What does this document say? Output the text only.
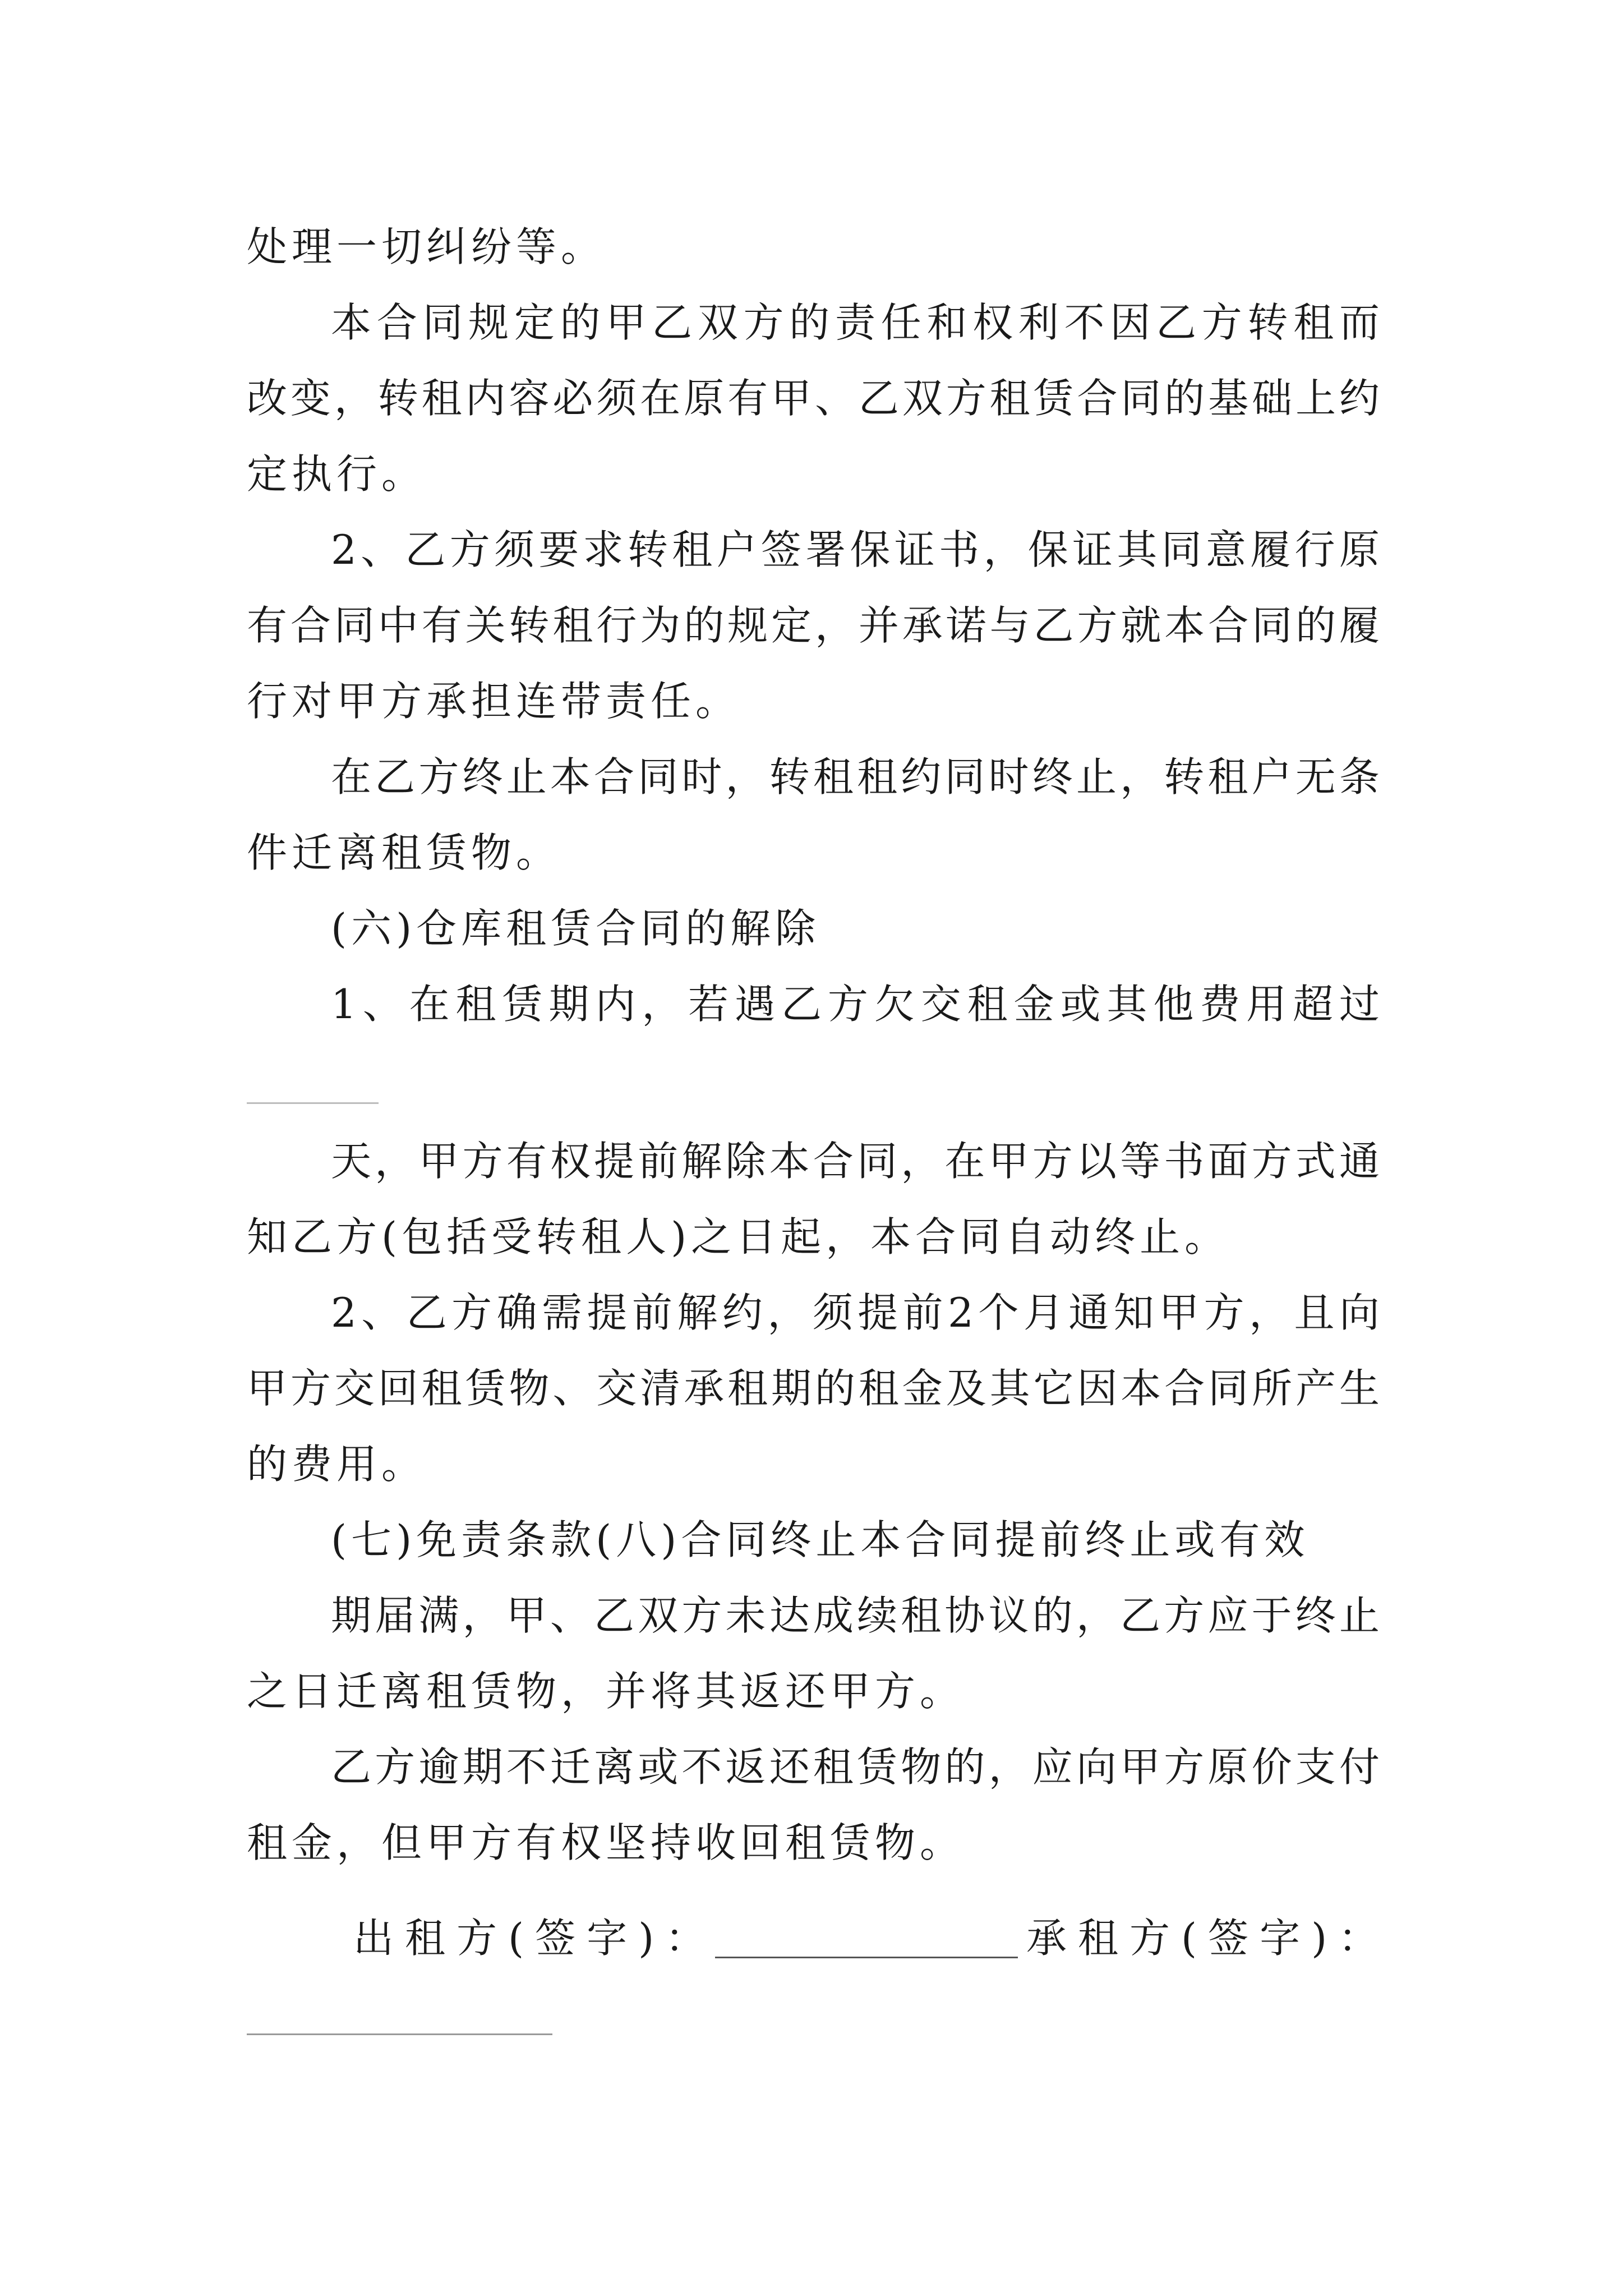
处理一切纠纷等。
本合同规定的甲乙双方的责任和权利不因乙方转租而
改变，转租内容必须在原有甲、乙双方租赁合同的基础上约
定执行。
2、乙方须要求转租户签署保证书，保证其同意履行原
有合同中有关转租行为的规定，并承诺与乙方就本合同的履
行对甲方承担连带责任。
在乙方终止本合同时，转租租约同时终止，转租户无条
件迁离租赁物。
(六)仓库租赁合同的解除
1、在租赁期内，若遇乙方欠交租金或其他费用超过
天，甲方有权提前解除本合同，在甲方以等书面方式通
知乙方(包括受转租人)之日起，本合同自动终止。
2、乙方确需提前解约，须提前2个月通知甲方，且向
甲方交回租赁物、交清承租期的租金及其它因本合同所产生
的费用。
(七)免责条款(八)合同终止本合同提前终止或有效
期届满，甲、乙双方未达成续租协议的，乙方应于终止
之日迁离租赁物，并将其返还甲方。
乙方逾期不迁离或不返还租赁物的，应向甲方原价支付
租金，但甲方有权坚持收回租赁物。
出租方(签字)：	承租方(签字)：
